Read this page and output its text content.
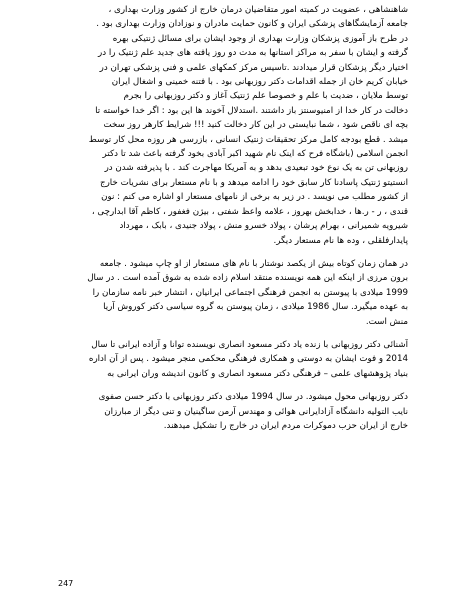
شاهنشاهی ، عضویت در کمیته امور متقاضیان درمان خارج از کشور وزارت بهداری ،
جامعه آزمایشگاهای پزشکی ایران و کانون حمایت مادران و نوزادان وزارت بهداری بود .
در طرح باز آموزی پزشکان وزارت بهداری از وجود ایشان برای مسائل ژنتیکی بهره
گرفته و ایشان با سفر به مراکز استانها به مدت دو روز یافته های جدید علم ژنتیک را در
اختیار دیگر پزشکان قرار میدادند .تاسیس مرکز کمکهای علمی و فنی پزشکی تهران در
خیابان کریم خان از جمله اقدامات دکتر روزبهانی بود . با فتنه خمینی و اشغال ایران
توسط ملایان ، ضدیت با علم و خصوصا علم ژنتیک آغاز و دکتر روزبهانی را بجرم
دخالت در کار خدا از امنیوسنتز باز داشتند .استدلال آخوند ها این بود : اگر خدا خواسته تا
بچه ای ناقص شود ، شما نبایستی در این کار دخالت کنید !!! شرایط کارهر روز سخت
میشد . قطع بودجه کامل مرکز تحقیقات ژنتیک انسانی ، بازرسی هر روزه محل کار توسط
انجمن اسلامی (باشگاه فرح که اینک نام شهید اکبر آبادی بخود گرفته باعث شد تا دکتر
روزبهانی تن به یک نوع خود تبعیدی بدهد و به آمریکا مهاجرت کند . با پذیرفته شدن در
انستیتو ژنتیک پاسادنا کار سابق خود را ادامه میدهد و با نام مستعار برای نشریات خارج
از کشور مطلب می نویسد . در زیر به برخی از نامهای مستعار او اشاره می کنم : نون
قندی ، ر - ر.ها ، خدابخش بهروز ، علامه واعظ شفتی ، بیژن فغفور ، کاظم آقا ابدارچی ،
شیرویه شمیرانی ، بهرام پرشان ، پولاد خسرو منش ، پولاد جنیدی ، بابک ، مهرداد
پایدارفلقلی ، وده ها نام مستعار دیگر.
در همان زمان کوتاه بیش از یکصد نوشتار با نام های مستعار از او چاپ میشود . جامعه
برون مرزی از اینکه این همه نویسنده منتقد اسلام زاده شده به شوق آمده است . در سال
1999 میلادی با پیوستن به انجمن فرهنگی اجتماعی ایرانیان ، انتشار خبر نامه سازمان را
به عهده میگیرد. سال 1986 میلادی ، زمان پیوستن به گروه سیاسی دکتر کوروش آریا
منش است.
آشنائی دکتر روزبهانی با زنده یاد دکتر مسعود انصاری نویسنده توانا و آزاده ایرانی تا سال
2014 و فوت ایشان به دوستی و همکاری فرهنگی محکمی منجر میشود . پس از آن اداره
بنیاد پژوهشهای علمی – فرهنگی دکتر مسعود انصاری و کانون اندیشه وران ایرانی به
دکتر روزبهانی محول میشود. در سال 1994 میلادی دکتر روزبهانی با دکتر حسن صفوی
نایب التولیه دانشگاه آزادایرانی هوائی و مهندس آرمن ساگینیان و تنی دیگر از مبارزان
خارج از ایران حزب دموکرات مردم ایران در خارج را تشکیل میدهند.
247
